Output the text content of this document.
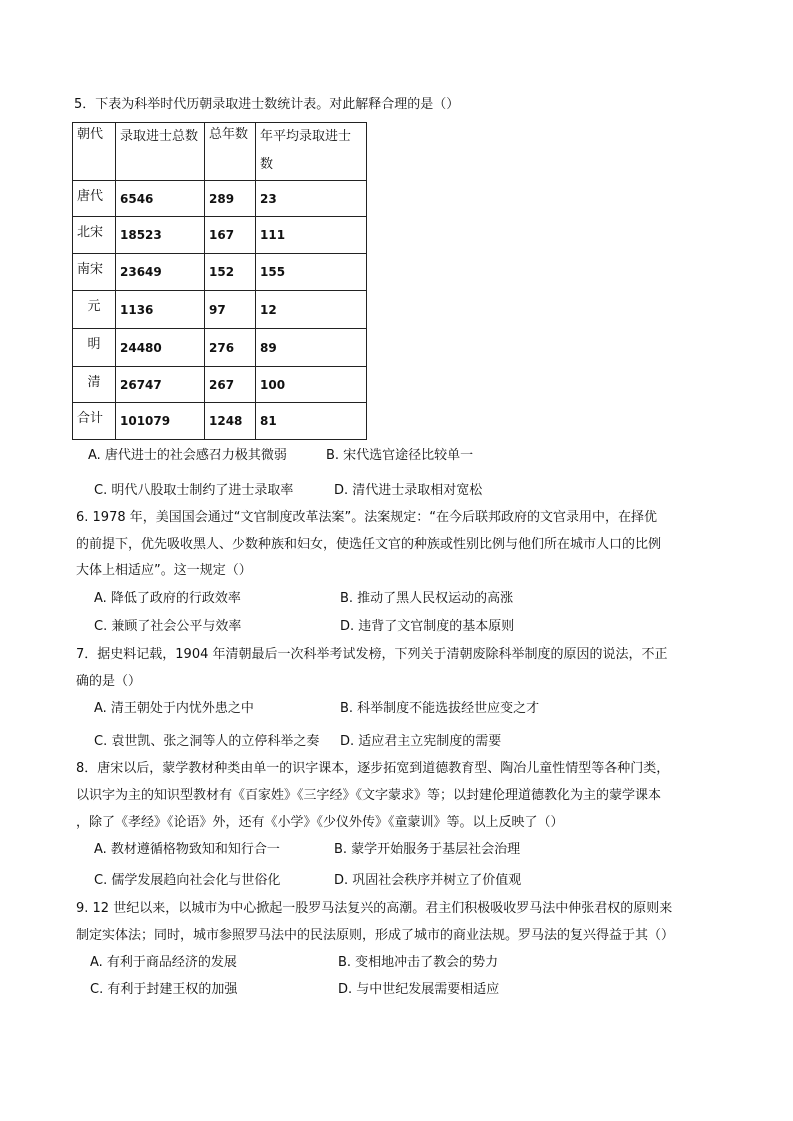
5．下表为科举时代历朝录取进士数统计表。对此解释合理的是（）
朝代	录取进士总数	总年数	年平均录取进士数
唐代	6546	289	23
北宋	18523	167	111
南宋	23649	152	155
元	1136	97	12
明	24480	276	89
清	26747	267	100
合计	101079	1248	81
A. 唐代进士的社会感召力极其微弱	B. 宋代选官途径比较单一
C. 明代八股取士制约了进士录取率	D. 清代进士录取相对宽松
6. 1978 年，美国国会通过“文官制度改革法案”。法案规定：“在今后联邦政府的文官录用中，在择优
的前提下，优先吸收黑人、少数种族和妇女，使选任文官的种族或性别比例与他们所在城市人口的比例
大体上相适应”。这一规定（）
A. 降低了政府的行政效率	B. 推动了黑人民权运动的高涨
C. 兼顾了社会公平与效率	D. 违背了文官制度的基本原则
7．据史料记载，1904 年清朝最后一次科举考试发榜，下列关于清朝废除科举制度的原因的说法，不正
确的是（）
A. 清王朝处于内忧外患之中	B. 科举制度不能选拔经世应变之才
C. 袁世凯、张之洞等人的立停科举之奏 D. 适应君主立宪制度的需要
8．唐宋以后，蒙学教材种类由单一的识字课本，逐步拓宽到道德教育型、陶冶儿童性情型等各种门类，
以识字为主的知识型教材有《百家姓》《三字经》《文字蒙求》等；以封建伦理道德教化为主的蒙学课本
，除了《孝经》《论语》外，还有《小学》《少仪外传》《童蒙训》等。以上反映了（）
A. 教材遵循格物致知和知行合一	B. 蒙学开始服务于基层社会治理
C. 儒学发展趋向社会化与世俗化	D. 巩固社会秩序并树立了价值观
9. 12 世纪以来，以城市为中心掀起一股罗马法复兴的高潮。君主们积极吸收罗马法中伸张君权的原则来
制定实体法；同时，城市参照罗马法中的民法原则，形成了城市的商业法规。罗马法的复兴得益于其（）
A. 有利于商品经济的发展	B. 变相地冲击了教会的势力
C. 有利于封建王权的加强	D. 与中世纪发展需要相适应
